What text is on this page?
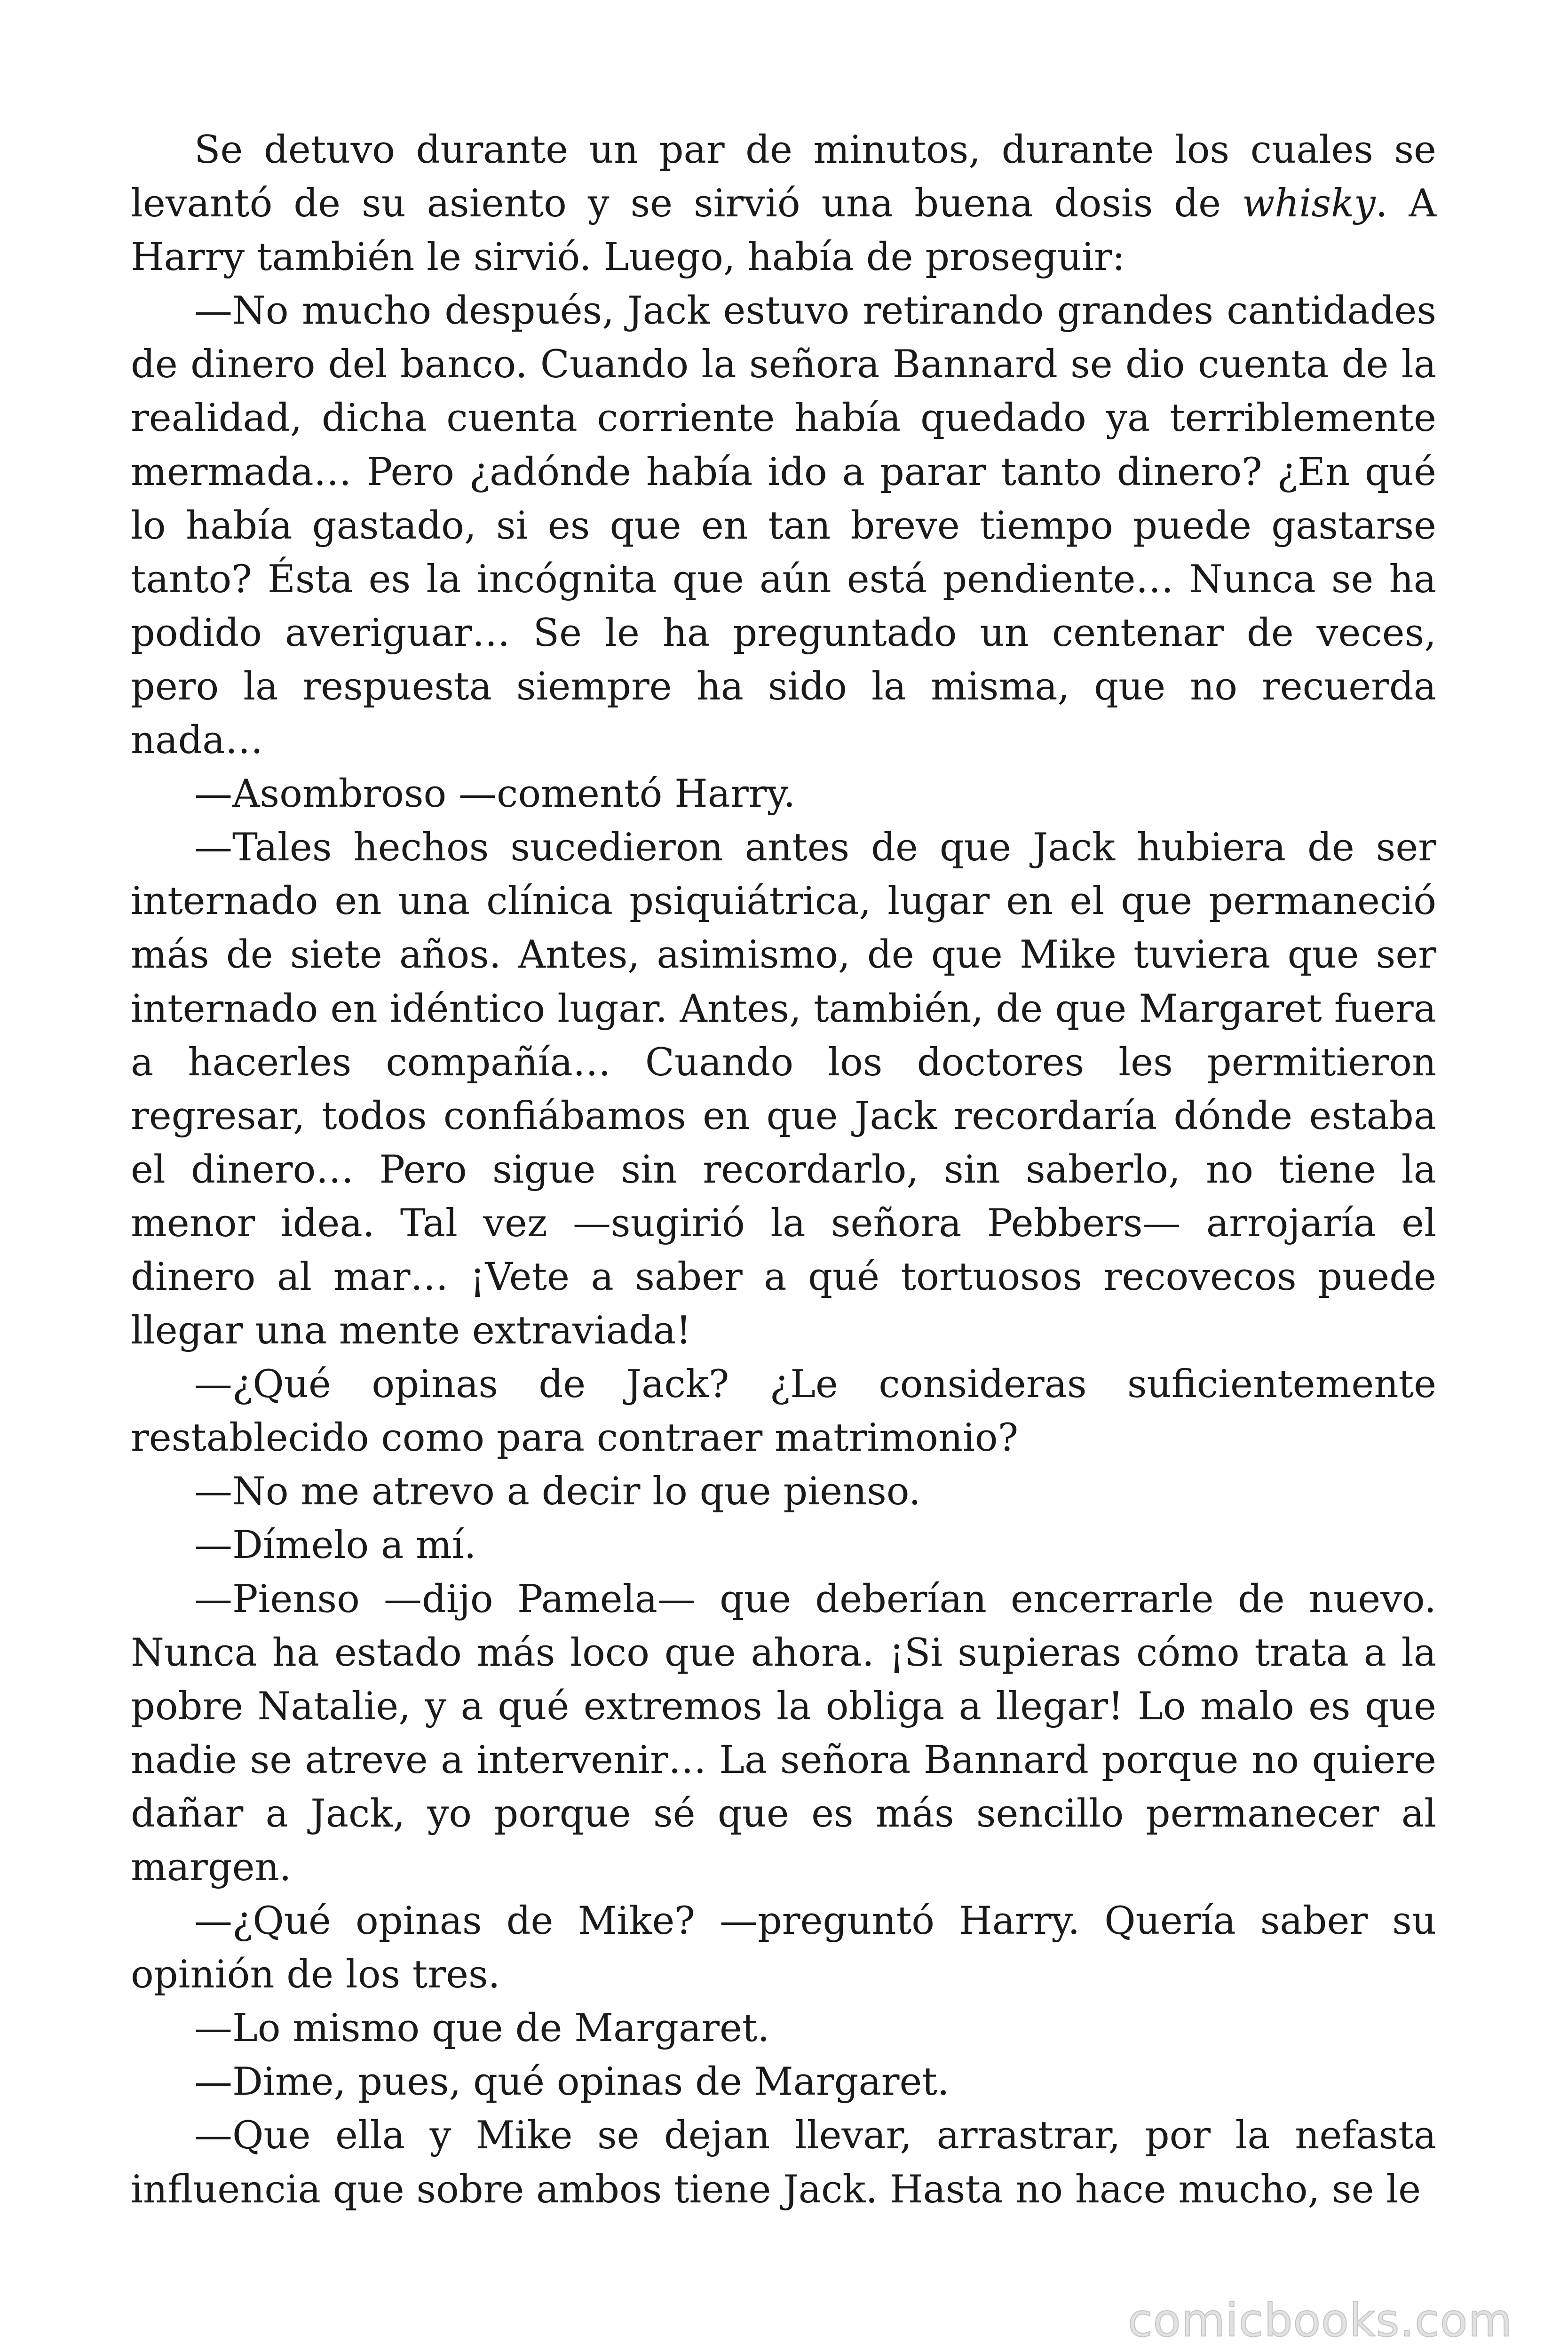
Se detuvo durante un par de minutos, durante los cuales se levantó de su asiento y se sirvió una buena dosis de whisky. A Harry también le sirvió. Luego, había de proseguir:

—No mucho después, Jack estuvo retirando grandes cantidades de dinero del banco. Cuando la señora Bannard se dio cuenta de la realidad, dicha cuenta corriente había quedado ya terriblemente mermada… Pero ¿adónde había ido a parar tanto dinero? ¿En qué lo había gastado, si es que en tan breve tiempo puede gastarse tanto? Ésta es la incógnita que aún está pendiente… Nunca se ha podido averiguar… Se le ha preguntado un centenar de veces, pero la respuesta siempre ha sido la misma, que no recuerda nada…

—Asombroso —comentó Harry.

—Tales hechos sucedieron antes de que Jack hubiera de ser internado en una clínica psiquiátrica, lugar en el que permaneció más de siete años. Antes, asimismo, de que Mike tuviera que ser internado en idéntico lugar. Antes, también, de que Margaret fuera a hacerles compañía… Cuando los doctores les permitieron regresar, todos confiábamos en que Jack recordaría dónde estaba el dinero… Pero sigue sin recordarlo, sin saberlo, no tiene la menor idea. Tal vez —sugirió la señora Pebbers— arrojaría el dinero al mar… ¡Vete a saber a qué tortuosos recovecos puede llegar una mente extraviada!

—¿Qué opinas de Jack? ¿Le consideras suficientemente restablecido como para contraer matrimonio?

—No me atrevo a decir lo que pienso.

—Dímelo a mí.

—Pienso —dijo Pamela— que deberían encerrarle de nuevo. Nunca ha estado más loco que ahora. ¡Si supieras cómo trata a la pobre Natalie, y a qué extremos la obliga a llegar! Lo malo es que nadie se atreve a intervenir… La señora Bannard porque no quiere dañar a Jack, yo porque sé que es más sencillo permanecer al margen.

—¿Qué opinas de Mike? —preguntó Harry. Quería saber su opinión de los tres.

—Lo mismo que de Margaret.

—Dime, pues, qué opinas de Margaret.

—Que ella y Mike se dejan llevar, arrastrar, por la nefasta influencia que sobre ambos tiene Jack. Hasta no hace mucho, se le

comicbooks.com
